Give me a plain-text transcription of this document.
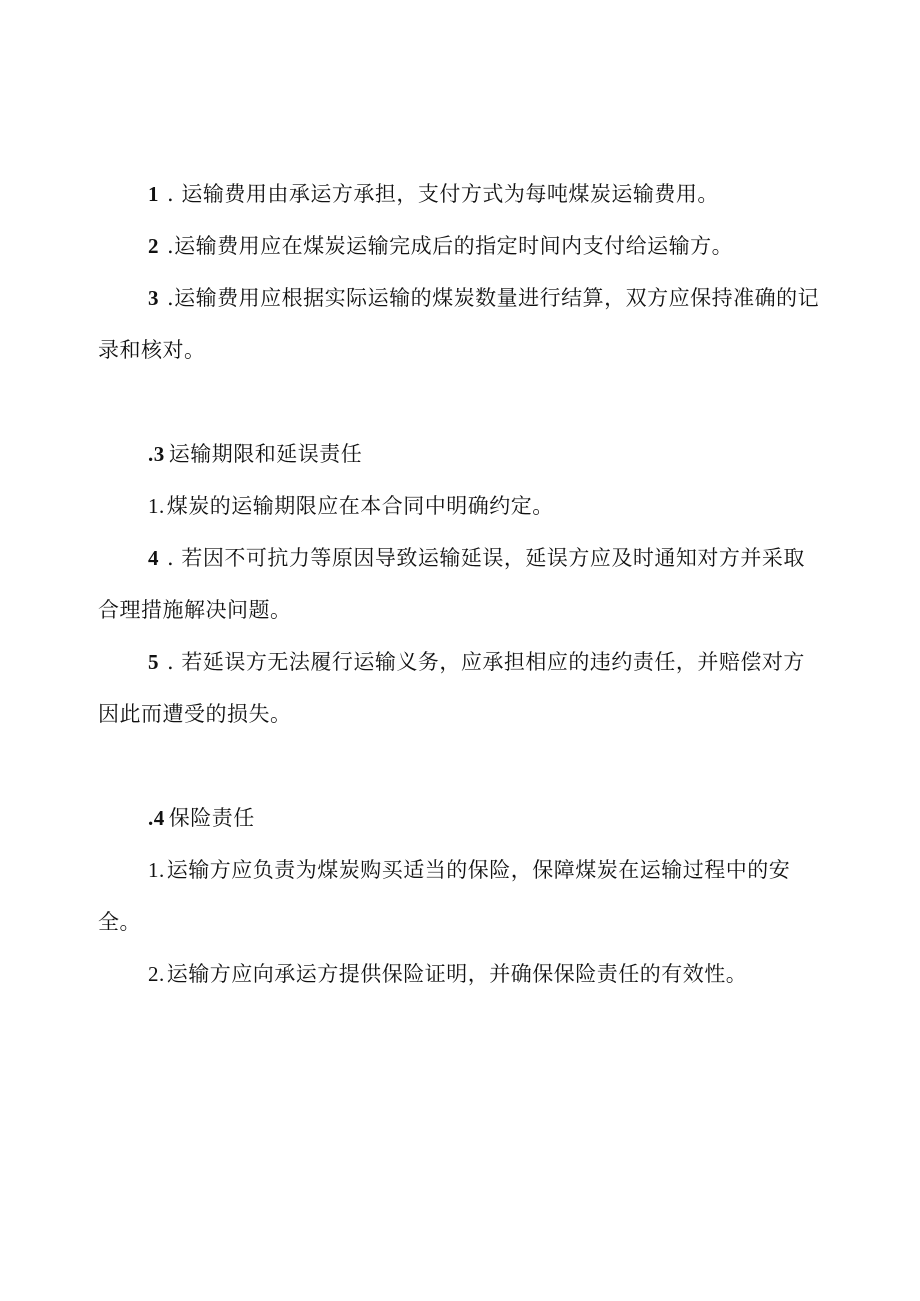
1 . 运输费用由承运方承担，支付方式为每吨煤炭运输费用。

2 .运输费用应在煤炭运输完成后的指定时间内支付给运输方。

3 .运输费用应根据实际运输的煤炭数量进行结算，双方应保持准确的记录和核对。

.3 运输期限和延误责任

1.煤炭的运输期限应在本合同中明确约定。

4 . 若因不可抗力等原因导致运输延误，延误方应及时通知对方并采取合理措施解决问题。

5 . 若延误方无法履行运输义务，应承担相应的违约责任，并赔偿对方因此而遭受的损失。

.4 保险责任

1.运输方应负责为煤炭购买适当的保险，保障煤炭在运输过程中的安全。

2.运输方应向承运方提供保险证明，并确保保险责任的有效性。
